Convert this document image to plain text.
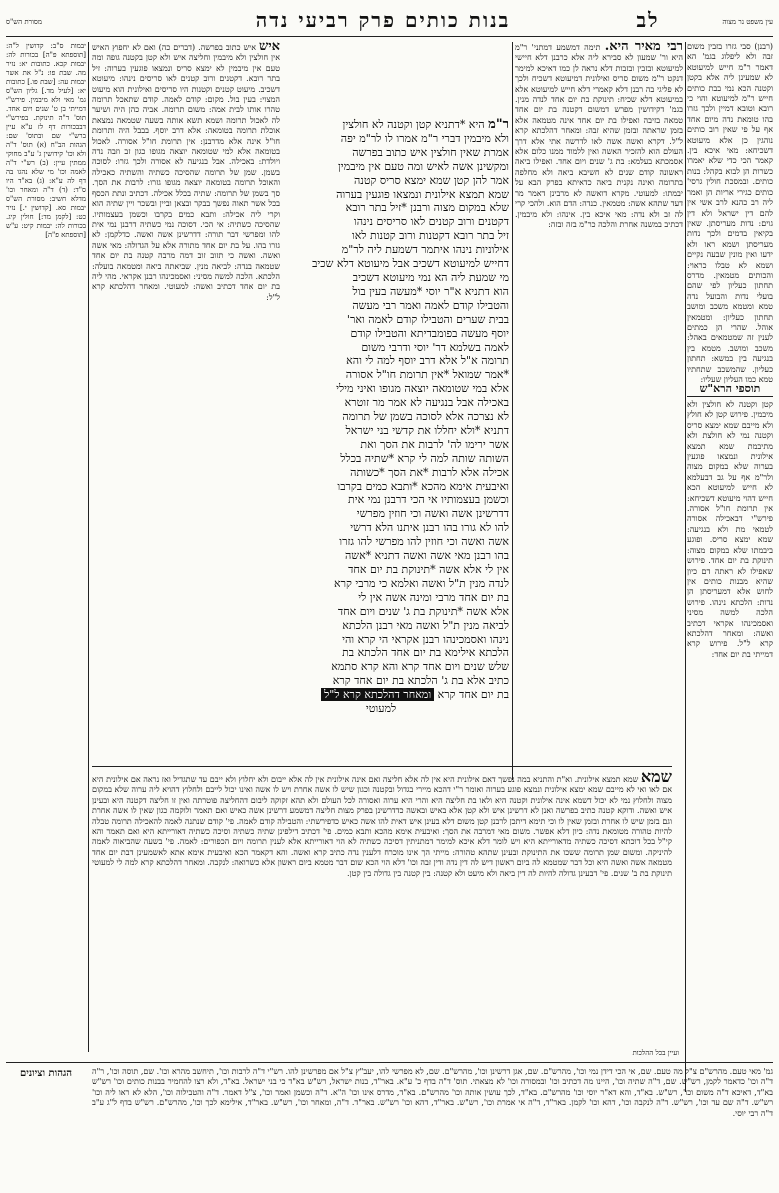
עין משפט נר מצוה
בנות כותים פרק רביעי נדה	לב
מסורת הש"ס
(רבנן) סבי גזרו בזבין משום זבה ולא ליפלוג בגמ' הא דאמר ר"מ חייש למיעוטא לא שמעינן ליה אלא בקטן וקטנה הכא נמי בבת כותים חייש ר"מ למיעוטא והוי כי רובא וטובא דמיין ולכך גזרו בהו טומאת נדה מיום אחד אף על פי שאין רוב כותים נוהגין כן אלא מיעוטא דשכיחא: מאי איכא בין. קאמר הכי כדי שלא יאמרו כשרות הן לבוא בקהל: בנות כותים. ובמסכת חולין גרסי' כותים כגירי אריות הן ואמר ליה רב כהנא לרב אשי אין להם דין ישראל ולא דין גוים: נדות מעריסתן. שאין בקיאין בדמים ולכך נדות מעריסתן ושמא ראו ולא ידעו ואין מונין שבעה נקיים ושמא לא טבלו כראוי: והכותים מטמאין. מדרס תחתון כעליון לפי שהם בועלי נדות והבועל נדה טמא ומטמא משכב ומושב תחתון כעליון: ומטמאין אוהל. שהרי הן כמתים לענין זה שמטמאים באהל: משכב ומושב. מטמא בין בנגיעה בין במשא: תחתון כעליון. שהמשכב שתחתיו טמא כמו העליון שעליו:
רבי מאיר היא. תימה דמשמע דמתני' ר"מ היא ור' שמעון לא סבירא ליה אלא כרבנן דלא חיישי למיעוטא ובזבין ובזבות דלא נראה לן כמו דאיכא למימר דנקט ר"מ משום סריס ואילונית דמיעוטא דשכיח ולכך לא פליגי בה רבנן דלא קאמרי דלא חייש למיעוטא אלא במיעוטא דלא שכיח: תינוקת בת יום אחד לנדה מנין. בגמ' דקידושין מפרש דמשום דקטנה בת יום אחד טמאה בזיבה ואפילו בת יום אחד אינה מטמאה אלא בזמן שראתה ובזמן שהיא זבה: ומאחר דהלכתא קרא ל"ל. דקרא ואשה אשה לאו לדרשה אתי אלא דרך העולם הוא להזכיר האשה ואין ללמוד ממנו כלום אלא אסמכתא בעלמא: בת ג' שנים ויום אחד. ואפילו ביאה ראשונה קודם שנים לא חשיבא ביאה ולא מחלפה בתרומה ואינה נקנית ביאה כדאיתא בפרק הבא על יבמתו: למעוטי. מקרא דואשה לא מרבינן דאמר מר דעד שתהא אשה: מטמאין. כנדה: הדם הוא. ולהכי קרי לה זב ולא נדה: מאי איכא בין. אינהו: ולא מיבמין. דכתיב במשנה אחרת והלכה כר"מ בזה ובזה:
תוספי הרא"ש
קטן וקטנה לא חולצין ולא מיבמין. פירוש קטן לא חולץ ולא מייבם שמא ימצא סריס וקטנה נמי לא חולצת ולא מתיבמת שמא תמצא אילונית ונמצאו פוגעין בערוה שלא במקום מצוה ולר"מ אף על גב דבעלמא לא חייש למיעוטא הכא חייש דהוי מיעוטא דשכיחא: אין תרומת חו"ל אסורה. פירש"י דבאכילה אסורה לטמאי מת ולא בנגיעה: שמא ימצא סריס. ופוגע ביבמתו שלא במקום מצוה: תינוקת בת יום אחד. פירוש שאפילו לא ראתה דם כיון שהיא מבנות כותים אין לחוש אלא דמעריסתן הן נדות: הלכתא נינהו. פירוש הלכה למשה מסיני ואסמכינהו אקראי דכתיב ואשה: ומאחר דהלכתא קרא ל"ל. פירוש קרא דמייתי בת יום אחד:
ר"מ היא *דתניא קטן וקטנה לא חולצין
ולא מיבמין דברי ר"מ אמרו לו לר"מ יפה
אמרת שאין חולצין איש כתוב בפרשה
ומקשינן אשה לאיש ומה טעם אין מיבמין
אמר להן קטן שמא ימצא סריס קטנה
שמא תמצא אילונית ונמצאו פוגעין בערוה
שלא במקום מצוה ורבנן *זיל בתר רובא
דקטנים ורוב קטנים לאו סריסים נינהו
זיל בתר רובא דקטנות ורוב קטנות לאו
אילוניות נינהו איתמר דשמעת ליה לר"מ
דחייש למיעוטא דשכיב אבל מיעוטא דלא שכיב
מי שמעת ליה הא נמי מיעוטא דשכיב
הוא דתניא א"ר יוסי *מעשה בעין בול
והטבילו קודם לאמה ואמר רבי מעשה
בבית שערים והטבילו קודם לאמה ואר'
יוסף מעשה בפומבדיתא והטבילו קודם
לאמה בשלמא דר' יוסי ודרבי משום
תרומה א"ל אלא דרב יוסף למה לי והא
*אמר שמואל *אין תרומת חו"ל אסורה
אלא במי שטומאה יוצאה מגופו ואיני מילי
באכילה אבל בנגיעה לא אמר מר זוטרא
לא נצרכה אלא לסוכה בשמן של תרומה
דתניא *ולא יחללו את קדשי בני ישראל
אשר ירימו לה' לרבות את הסך ואת
השותה שותה למה לי קרא *שתיה בכלל
אכילה אלא לרבות *את הסך *כשותה
ואיבעית אימא מהכא *ותבא כמים בקרבו
וכשמן בעצמותיו אי הכי דרבנן נמי אית
דדרשינן אשה ואשה וכי חוזין מפרשי
להו לא גורו בהו רבנן איתנו הלא דרשי
אשה ואשה וכי חוזין להו מפרשי להו גזרו
בהו רבנן מאי אשה ואשה דתניא *אשה
אין לי אלא אשה *תינוקת בת יום אחד
לנדה מנין ת"ל ואשה ואלמא כי מרבי קרא
בת יום אחד מרבי ומינה אשה אין לי
אלא אשה *תינוקת בת ג' שנים ויום אחד
לביאה מנין ת"ל ואשה מאי רבנן הלכתא
נינהו ואסמכינהו רבנן אקראי הי קרא והי
הלכתא אילימא בת יום אחד הלכתא בת
שלש שנים ויום אחד קרא והא קרא סתמא
כתיב אלא בת ג' הלכתא בת יום אחד קרא
בת יום אחד קרא ומאחר דהלכתא קרא ל"ל
למעוטי
איש איש כתוב בפרשה. (דברים כה) ואם לא יחפוץ האיש אין חולצין ולא מיבמין וחליצה איש ולא קטן בקטנה גופה ומה טעם אין מיבמין לא ימצא סריס ונמצאו פוגעין בערוה: זיל בתר רובא. דקטנים ורוב קטנים לאו סריסים נינהו: מיעוטא דשכיב. מיעוט קטנים וקטנות היו סריסים ואילונית הוא מיעוט המצוי: בעין בול. מקום: קודם לאמה. קודם שתאכל תרומה טהרו אותו לבית אמה: משום תרומה. אביה כהן היה ושיער לה לאכול תרומה ושמא תשא אותה בשעה שטמאה נמצאת אוכלת תרומה בטומאה: אלא דרב יוסף. בבבל היה ותרומת חו"ל אינה אלא מדרבנן: אין תרומת חו"ל אסורה. לאכול בטומאה אלא למי שטומאה יוצאה מגופו כגון זב וזבה נדה ויולדת: באכילה. אבל בנגיעה לא אסורה ולכך גזרו: לסוכה בשמן. שמן של תרומה שהסיכה כשתיה והשתיה כאכילה והאוכל תרומה בטומאה יוצאה מגופו גזרו: לרבות את הסך. סך בשמן של תרומה: שתיה בכלל אכילה. דכתיב ונתת הכסף בכל אשר תאוה נפשך בבקר ובצאן וביין ובשכר ויין שתיה הוא וקרי ליה אכילה: ותבא כמים בקרבו וכשמן בעצמותיו. שהסיכה כשתיה: אי הכי. דסוכה נמי כשתיה דרבנן נמי אית להו ומפרשי דבר תורה: דדרשינן אשה ואשה. כדלקמן: לא גזרו בהו. על בת יום אחד מתורה אלא על הגדולה: מאי אשה ואשה. ואשה כי תזוב זוב דמה מרבה קטנה בת יום אחד שטמאה בנדה: לביאה מנין. שביאתה ביאה ומטמאה בועלה: הלכתא. הלכה למשה מסיני: ואסמכינהו רבנן אקראי. מהי ליה בת יום אחד דכתיב ואשה: למעוטי. ומאחר דהלכתא קרא ל"ל:
יבמות ס"ב: קדושין ל"ה: [תוספתא פ"ה] בכורות לה: יבמות קכא. כתובות יא: נזיר מה. שבת פו: נ"ל את אשר יבמות עה: [שבת פו.] כתובות יא: [לעיל מד.] גליון הש"ס גמ' מאי ולא מיבמין. פירש"י דמייתי בן ט' שנים ויום אחד. תוס' ד"ה תינוקת. בפירש"י דבבכורות דף לז ע"א עיין ברש"י שם ובתוס' שם: הגהות הב"ח (א) תוס' ד"ה ולא וכו' קידושין ג' ע"ב מחוקי ממתין עיין: (ב) רש"י ד"ה לאמה וכו' מי שלא נהגו בה דף לה ע"א: (ג) בא"ד היו ס"ד: (ד) ד"ה ומאחר וכו' מדלא חשיב: מסורת הש"ס יבמות סא. [קדושין י.] נזיר כט: [לקמן מד:] חולין קיג. בכורות לה: יבמות קיט: ע"ש [תוספתא פ"ה]
שמא שמא תמצא אילונית. וא"ת והתניא במה נפשך דאם אילונית היא אין לה אלא חליצה ואם אינה אילונית אין לה אלא ייבום ולא יחלוץ ולא ייבם עד שתגדיל ואז נראה אם אילונית היא אם לאו ואי לא מייבם שמא ימצא אילונית ונמצא פוגע בערוה ואומר ר"י דהכא מיירי בגדול ובקטנה וכגון שיש לו אשה אחרת ויש לו אשה ואינו יכול לייבם ולחלוץ דהויא ליה ערוה שלא במקום מצוה ולחלוץ נמי לא יכול דשמא אינה אילונית וקטנה היא ולאו בת חליצה היא והרי היא ערוה ואסורה לכל העולם ולא תהא זקוקה ליבום דהחליצה פוטרתה ואין זו חליצה דקטנה היא ובעינן איש ואשה. ודוקא קטנה כתיב בפרשה ואנן לא דרשינן איש ולא קטן אלא באיש ובאשה כדדרשינן בפרק מצות חליצה דמשמע דרשינן אשה כאיש ואם תאמר ולוקמה כגון שאין לו אשה אחרת וגם בזמן שיש לו אחרת ובזמן שאין לו וכי תימא דיתכן לרבנן קטן משום דלא בעינן איש דאית להו אשה כאיש כדפירשתי: והטבילה קודם לאמה. פי' קודם שנתנה לאמה להאכילה תרומה טבלה להיות טהורה מטומאת נדה: כיון דלא אפשר. משום מאי דמרבה את הסך: ואיבעית אימא מהכא ותבא כמים. פי' דכתיב דילפינן שתיה כשתיה וסיכה כשתיה דאורייתא היא ואם תאמר והא קי"ל בכל דוכתא דסיכה כשתיה מדאורייתא היא ויש לומר דלא איכא למימר דמתניתין דסיכה כשתיה לא הוי דאורייתא אלא לענין תרומה ויום הכפורים: לאמה. פי' בשעה שהביאוה לאמה להיניקה. ומשום שמן תרומה ששכו את התינוקת ובעינן שתהא טהורה: מייתי הך אינו מוכרח דלענין נדה כתיב קרא ואשה. והא דקאמר הכא ואיבעית אימא אתא לאשמעינן דבת יום אחד מטמאה אשה ואשה היא וכל דבר שמטמא לה ביום ראשון דיש לה דין נדה ודין זבה וכו' דלא הוי הכא שום דבר מטמא ביום ראשון אלא כשרואה: לנקבה. ומאחר דהלכתא קרא למה לי למעוטי תינוקת בת ב' שנים. פי' דבעינן גדולה להיות לה דין ביאה ולא מיעט ולא קטנה: בין קטנה בין גדולה בין קטן.
ועיין בכל ההלכות
הגהות וציונים	גמ' מאי טעם. מהרש"ם צ"ל מה טעם. שם, אי הכי דידן נמי וכו', מהרש"ם. שם, אגן דרשינן וכו', מהרש"ם. שם, לא מפרשי להו, יעב"ץ צ"ל אם מפרשינן להו. רש"י ד"ה לרבות וכו', תיחשב מהרא וכו'. שם, תוסה וכו', ר"ה ד"ה וכו' כדאמר לקמן, רש"ש. שם, ד"ה שתיה וכו', היינו מה דכתיב וכו' ובמסורה וכו' לא מצאתי. תוס' ד"ה בדף כ' ע"א. באר"ד, בנות ישראל, רש"ש בא"ד כי בני ישראל. בא"ד, ולא רצו להחמיר בבנות כותים וכו' רש"ש בא"ד, דאיכא ד"ה משום וכו', רש"ש. בא"ד, והא דא"ר יוסי וכו' מהרש"ם. בא"ד, לכך עושין אותה וכו' מהרש"ם. בא"ד, מדרס אינו וכו' ה"א. ד"ה וכשמן ואמר וכו', צ"ל דאמר. ד"ה והטבילוה וכו', הלא לא ראו ליה וכו' רש"ש. ד"ה שם עד וכו', רש"ש. ד"ה לנקבה וכו', דהא וכו' לקמן. באר"ד, ד"ה אי אמרת וכו', רש"ש. באר"ד, דהא וכו' רש"ש. באר"ד. ד"ה, ומאחר וכו', רש"ש. באר"ד, אילימא לכך וכו', מהרש"ם. רש"ש בדף ל"ג ע"ב ד"ה רבי יוסי.
